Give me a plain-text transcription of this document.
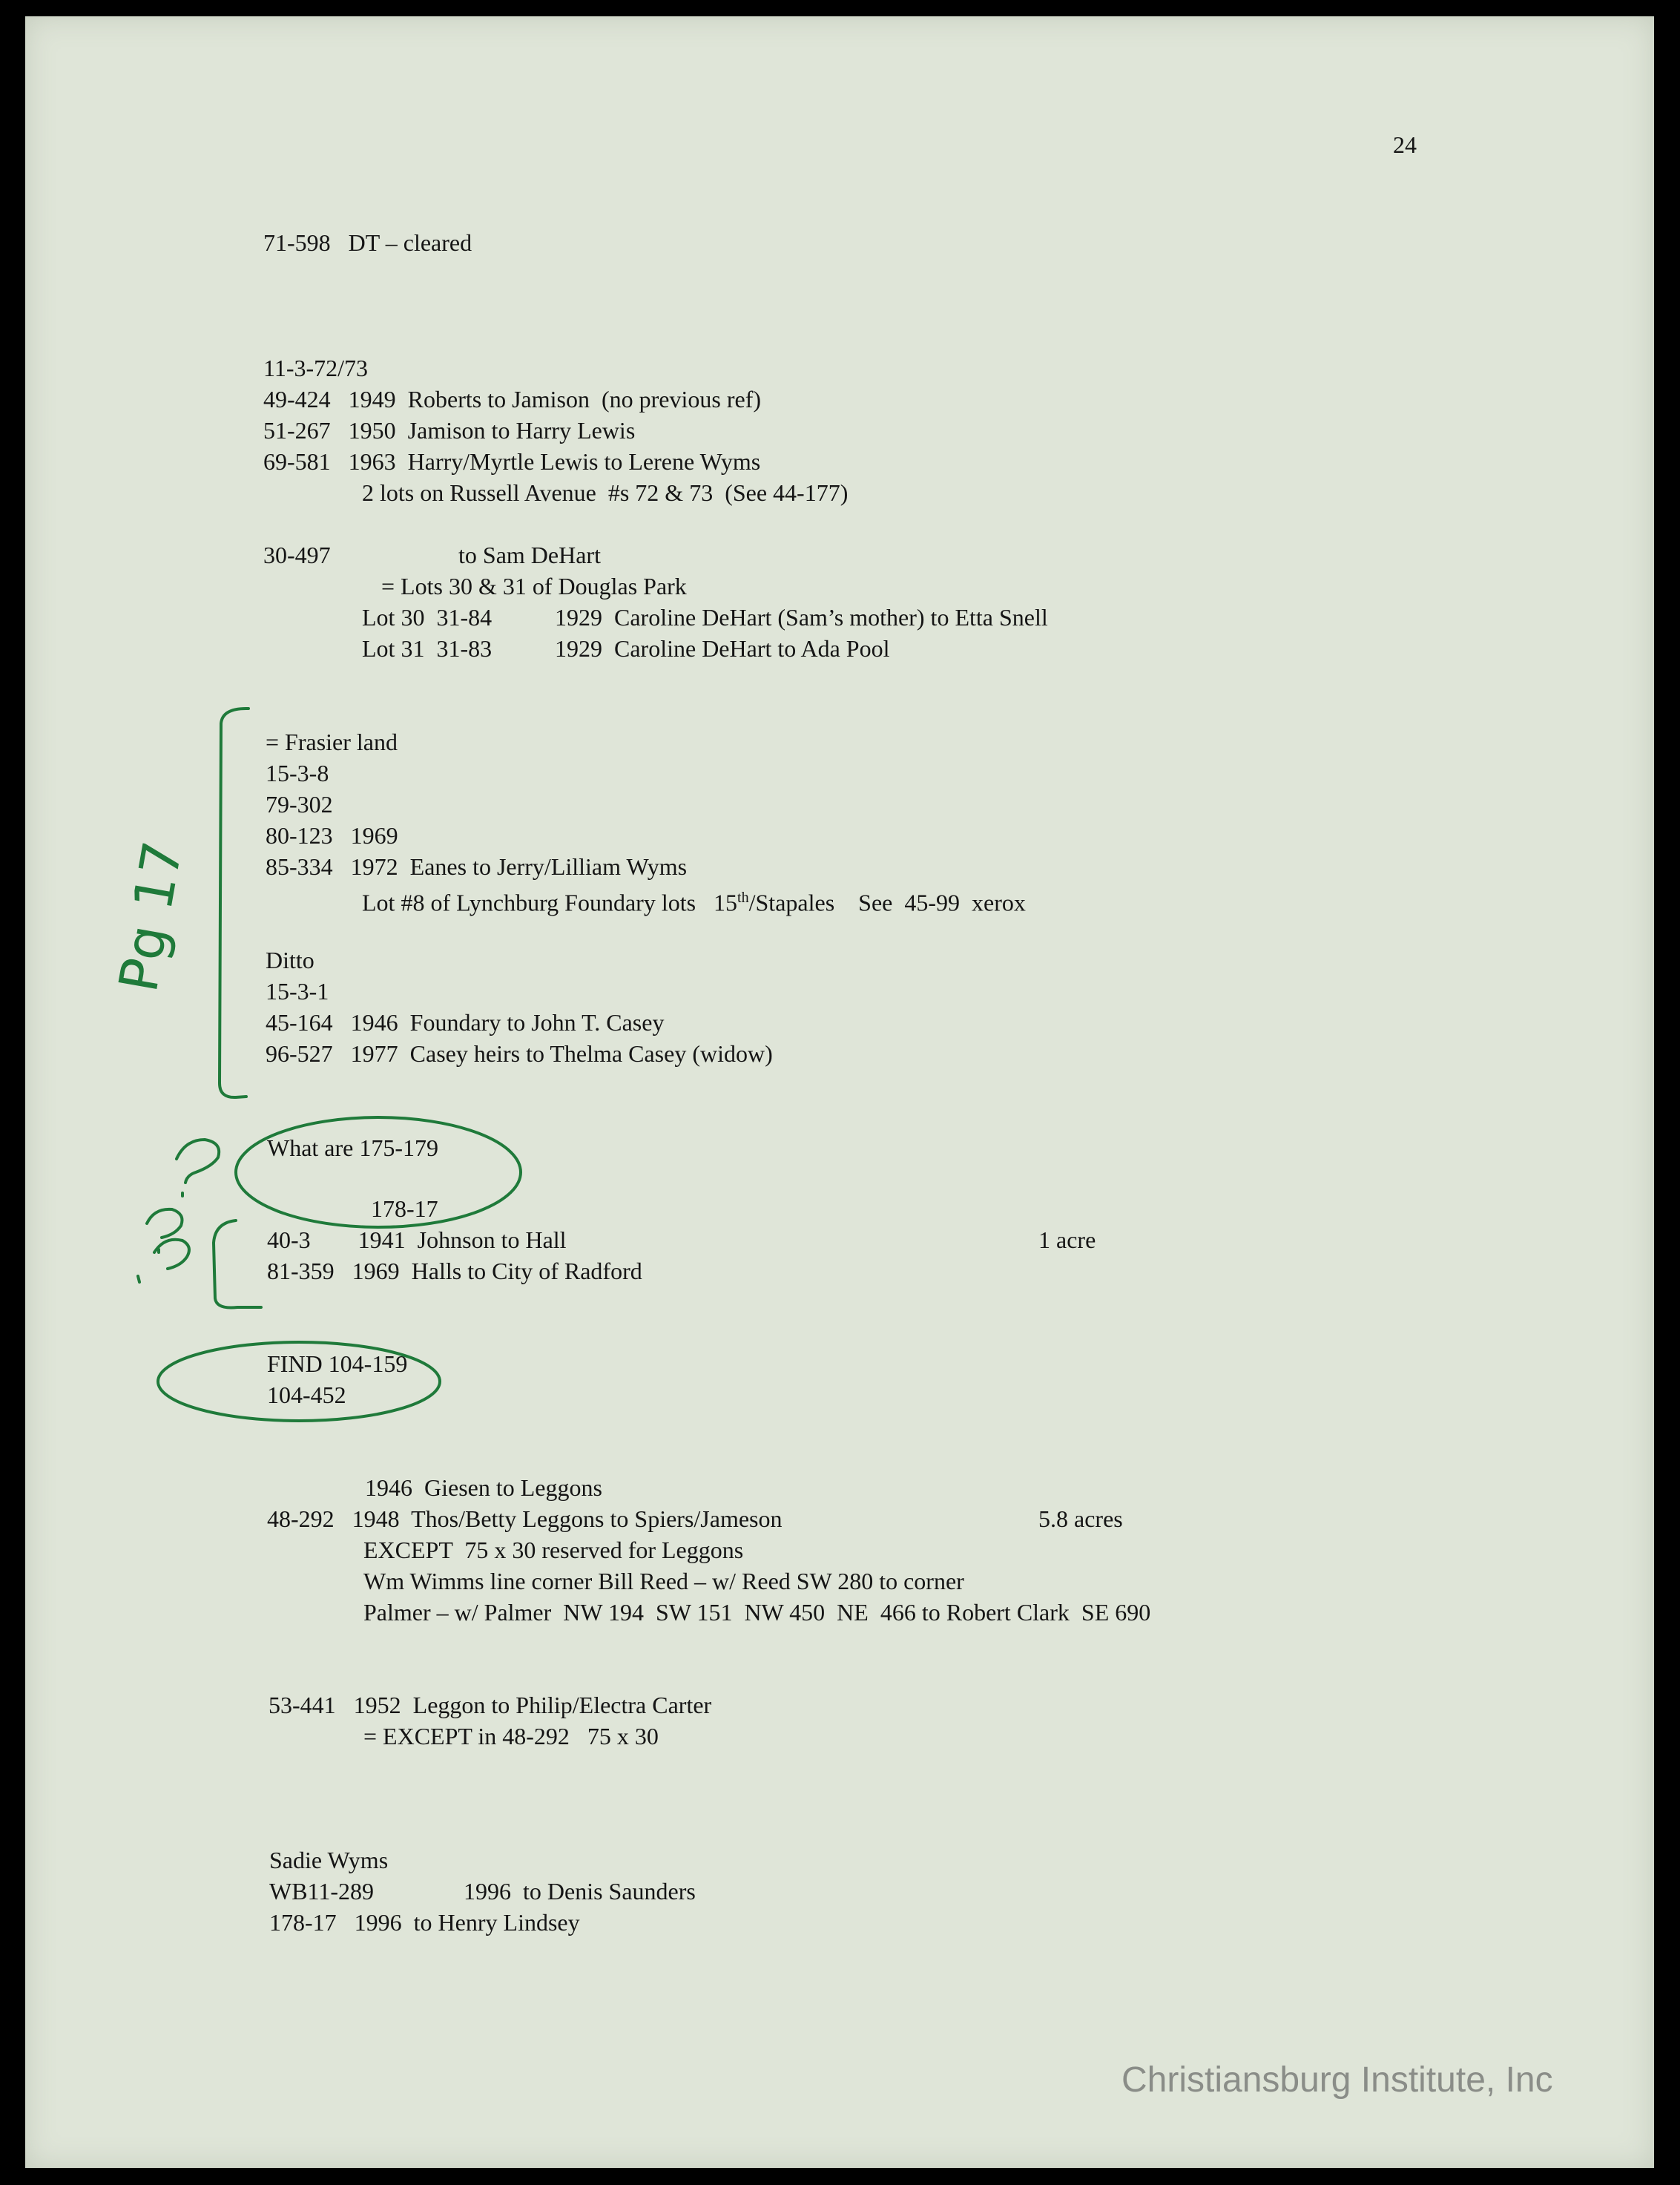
24
71-598   DT – cleared
11-3-72/73
49-424   1949  Roberts to Jamison  (no previous ref)
51-267   1950  Jamison to Harry Lewis
69-581   1963  Harry/Myrtle Lewis to Lerene Wyms
2 lots on Russell Avenue  #s 72 & 73  (See 44-177)
30-497	to Sam DeHart
= Lots 30 & 31 of Douglas Park
Lot 30  31-84	1929  Caroline DeHart (Sam’s mother) to Etta Snell
Lot 31  31-83	1929  Caroline DeHart to Ada Pool
= Frasier land
15-3-8
79-302
80-123   1969
85-334   1972  Eanes to Jerry/Lilliam Wyms
Lot #8 of Lynchburg Foundary lots   15th/Stapales    See  45-99  xerox
Ditto
15-3-1
45-164   1946  Foundary to John T. Casey
96-527   1977  Casey heirs to Thelma Casey (widow)
What are 175-179
178-17
40-3        1941  Johnson to Hall	1 acre
81-359   1969  Halls to City of Radford
FIND 104-159
104-452
1946  Giesen to Leggons
48-292   1948  Thos/Betty Leggons to Spiers/Jameson	5.8 acres
EXCEPT  75 x 30 reserved for Leggons
Wm Wimms line corner Bill Reed – w/ Reed SW 280 to corner
Palmer – w/ Palmer  NW 194  SW 151  NW 450  NE  466 to Robert Clark  SE 690
53-441   1952  Leggon to Philip/Electra Carter
= EXCEPT in 48-292   75 x 30
Sadie Wyms
WB11-289	1996  to Denis Saunders
178-17   1996  to Henry Lindsey
Pg 17
Christiansburg Institute, Inc
